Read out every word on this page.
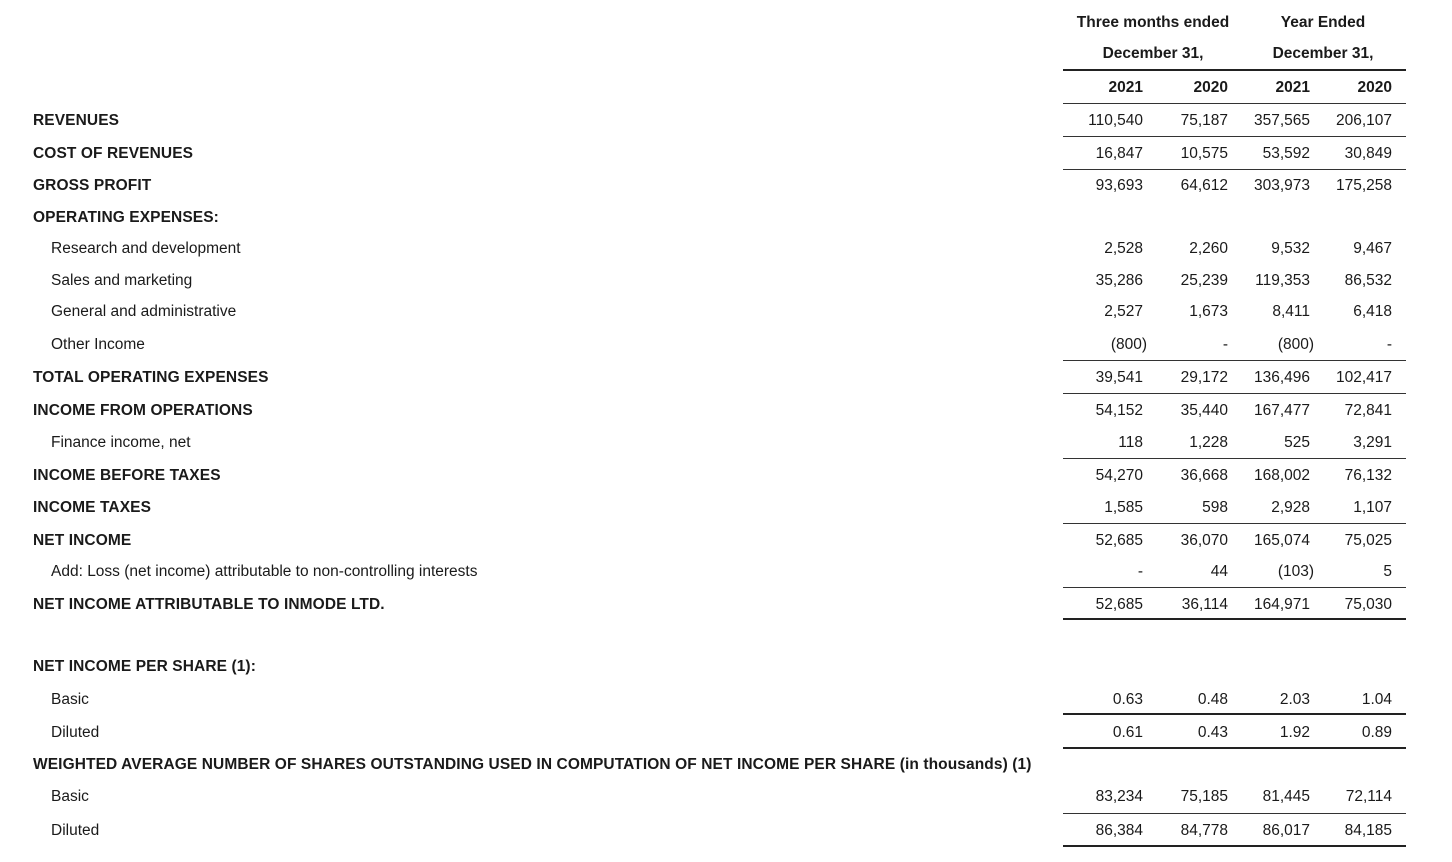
Three months ended
December 31,
Year Ended
December 31,
2021	2020	2021	2020
REVENUES	110,540	75,187	357,565	206,107
COST OF REVENUES	16,847	10,575	53,592	30,849
GROSS PROFIT	93,693	64,612	303,973	175,258
OPERATING EXPENSES:
Research and development	2,528	2,260	9,532	9,467
Sales and marketing	35,286	25,239	119,353	86,532
General and administrative	2,527	1,673	8,411	6,418
Other Income	(800)	-	(800)	-
TOTAL OPERATING EXPENSES	39,541	29,172	136,496	102,417
INCOME FROM OPERATIONS	54,152	35,440	167,477	72,841
Finance income, net	118	1,228	525	3,291
INCOME BEFORE TAXES	54,270	36,668	168,002	76,132
INCOME TAXES	1,585	598	2,928	1,107
NET INCOME	52,685	36,070	165,074	75,025
Add: Loss (net income) attributable to non-controlling interests	-	44	(103)	5
NET INCOME ATTRIBUTABLE TO INMODE LTD.	52,685	36,114	164,971	75,030
NET INCOME PER SHARE (1):
Basic	0.63	0.48	2.03	1.04
Diluted	0.61	0.43	1.92	0.89
WEIGHTED AVERAGE NUMBER OF SHARES OUTSTANDING USED IN COMPUTATION OF NET INCOME PER SHARE (in thousands) (1)
Basic	83,234	75,185	81,445	72,114
Diluted	86,384	84,778	86,017	84,185
